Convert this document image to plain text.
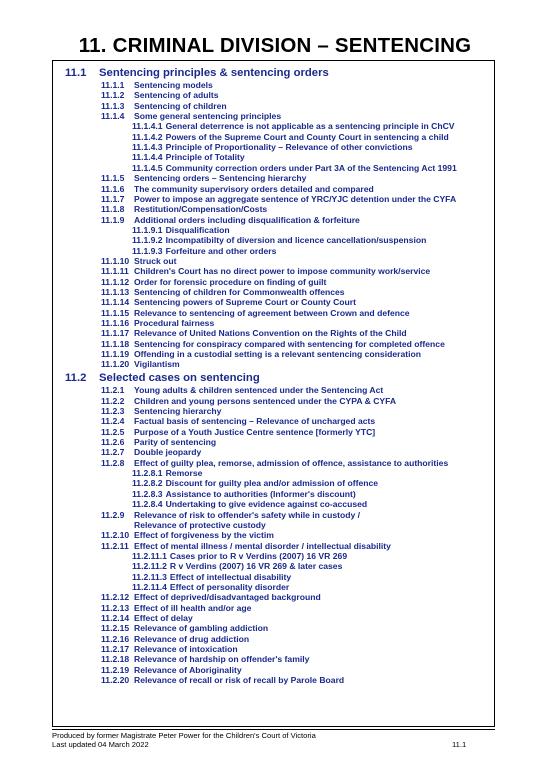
11. CRIMINAL DIVISION – SENTENCING
11.1 Sentencing principles & sentencing orders
11.1.1 Sentencing models
11.1.2 Sentencing of adults
11.1.3 Sentencing of children
11.1.4 Some general sentencing principles
11.1.4.1 General deterrence is not applicable as a sentencing principle in ChCV
11.1.4.2 Powers of the Supreme Court and County Court in sentencing a child
11.1.4.3 Principle of Proportionality – Relevance of other convictions
11.1.4.4 Principle of Totality
11.1.4.5 Community correction orders under Part 3A of the Sentencing Act 1991
11.1.5 Sentencing orders – Sentencing hierarchy
11.1.6 The community supervisory orders detailed and compared
11.1.7 Power to impose an aggregate sentence of YRC/YJC detention under the CYFA
11.1.8 Restitution/Compensation/Costs
11.1.9 Additional orders including disqualification & forfeiture
11.1.9.1 Disqualification
11.1.9.2 Incompatibilty of diversion and licence cancellation/suspension
11.1.9.3 Forfeiture and other orders
11.1.10 Struck out
11.1.11 Children's Court has no direct power to impose community work/service
11.1.12 Order for forensic procedure on finding of guilt
11.1.13 Sentencing of children for Commonwealth offences
11.1.14 Sentencing powers of Supreme Court or County Court
11.1.15 Relevance to sentencing of agreement between Crown and defence
11.1.16 Procedural fairness
11.1.17 Relevance of United Nations Convention on the Rights of the Child
11.1.18 Sentencing for conspiracy compared with sentencing for completed offence
11.1.19 Offending in a custodial setting is a relevant sentencing consideration
11.1.20 Vigilantism
11.2 Selected cases on sentencing
11.2.1 Young adults & children sentenced under the Sentencing Act
11.2.2 Children and young persons sentenced under the CYPA & CYFA
11.2.3 Sentencing hierarchy
11.2.4 Factual basis of sentencing – Relevance of uncharged acts
11.2.5 Purpose of a Youth Justice Centre sentence [formerly YTC]
11.2.6 Parity of sentencing
11.2.7 Double jeopardy
11.2.8 Effect of guilty plea, remorse, admission of offence, assistance to authorities
11.2.8.1 Remorse
11.2.8.2 Discount for guilty plea and/or admission of offence
11.2.8.3 Assistance to authorities (Informer's discount)
11.2.8.4 Undertaking to give evidence against co-accused
11.2.9 Relevance of risk to offender's safety while in custody /
Relevance of protective custody
11.2.10 Effect of forgiveness by the victim
11.2.11 Effect of mental illness / mental disorder / intellectual disability
11.2.11.1 Cases prior to R v Verdins (2007) 16 VR 269
11.2.11.2 R v Verdins (2007) 16 VR 269 & later cases
11.2.11.3 Effect of intellectual disability
11.2.11.4 Effect of personality disorder
11.2.12 Effect of deprived/disadvantaged background
11.2.13 Effect of ill health and/or age
11.2.14 Effect of delay
11.2.15 Relevance of gambling addiction
11.2.16 Relevance of drug addiction
11.2.17 Relevance of intoxication
11.2.18 Relevance of hardship on offender's family
11.2.19 Relevance of Aboriginality
11.2.20 Relevance of recall or risk of recall by Parole Board
Produced by former Magistrate Peter Power for the Children's Court of Victoria
Last updated 04 March 2022	11.1
